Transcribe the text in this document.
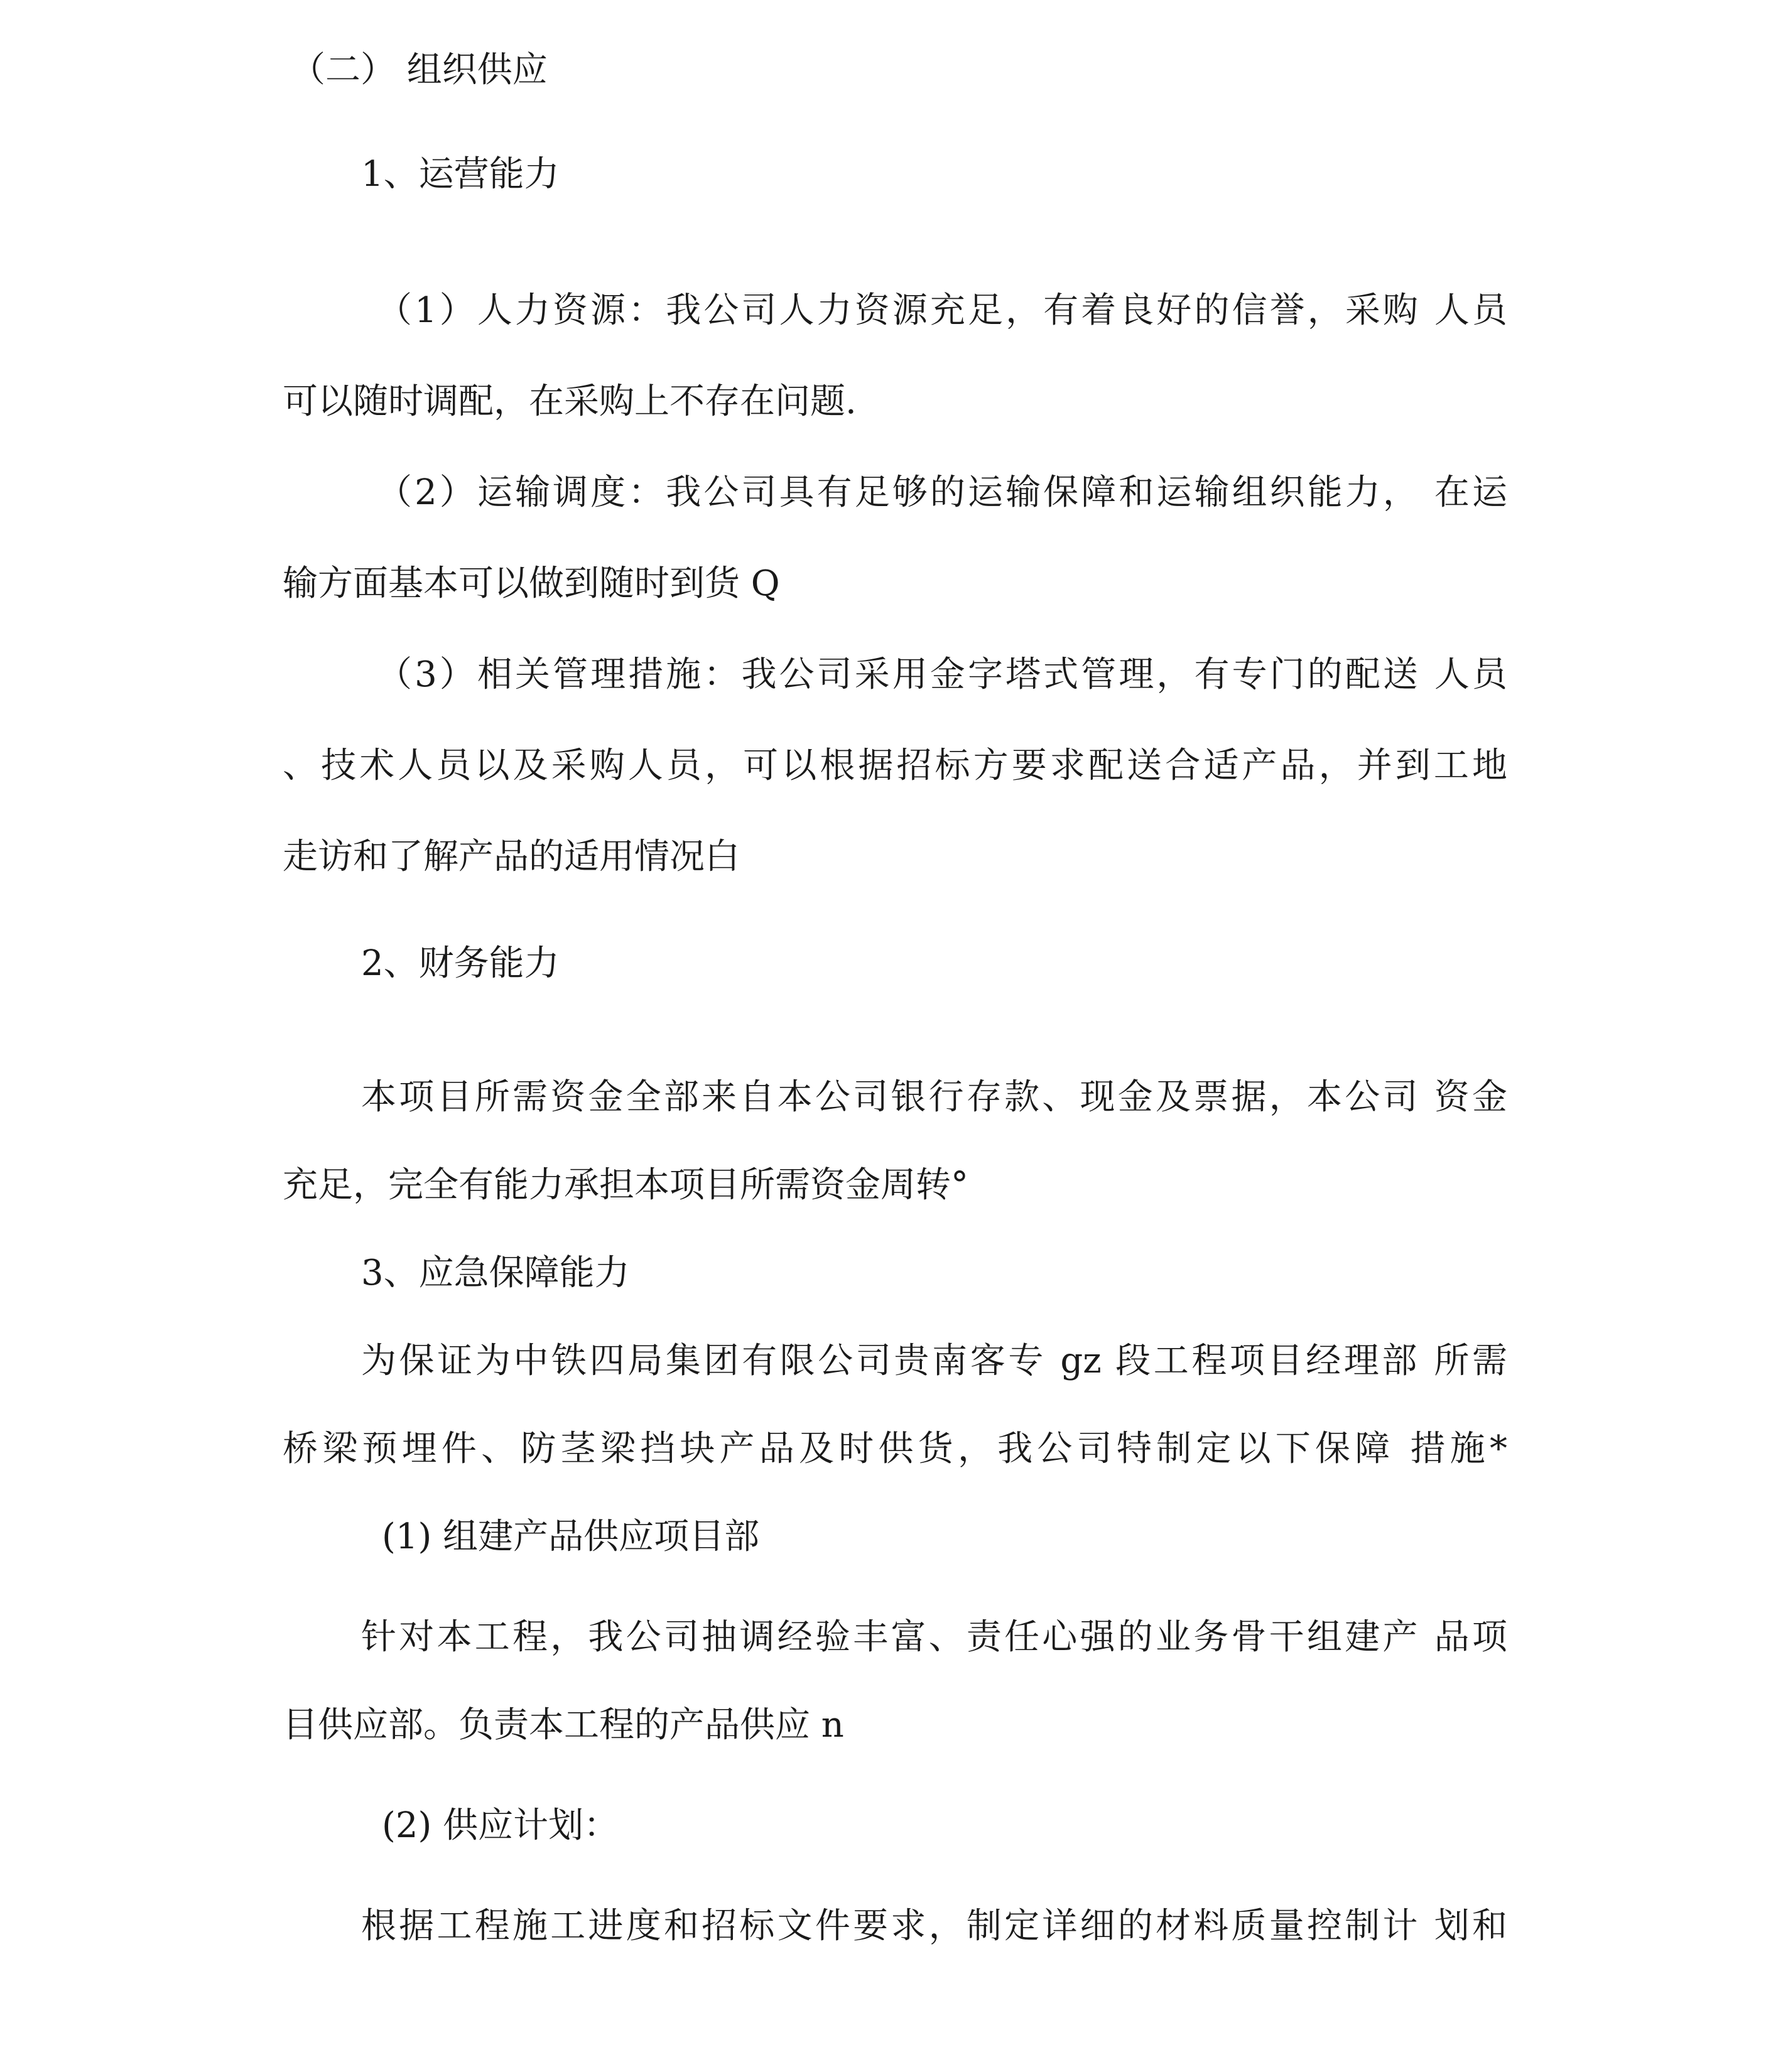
（二） 组织供应

1、运营能力

（1）人力资源：我公司人力资源充足，有着良好的信誉，采购 人员

可以随时调配，在采购上不存在问题.

（2）运输调度：我公司具有足够的运输保障和运输组织能力， 在运

输方面基本可以做到随时到货 Q

（3）相关管理措施：我公司采用金字塔式管理，有专门的配送 人员

、技术人员以及采购人员，可以根据招标方要求配送合适产品，并到工地

走访和了解产品的适用情况白

2、财务能力

本项目所需资金全部来自本公司银行存款、现金及票据，本公司 资金

充足，完全有能力承担本项目所需资金周转°

3、应急保障能力

为保证为中铁四局集团有限公司贵南客专 gz 段工程项目经理部 所需

桥梁预埋件、防茎梁挡块产品及时供货，我公司特制定以下保障 措施*

(1) 组建产品供应项目部

针对本工程，我公司抽调经验丰富、责任心强的业务骨干组建产 品项

目供应部。负责本工程的产品供应 n

(2) 供应计划：

根据工程施工进度和招标文件要求，制定详细的材料质量控制计 划和
